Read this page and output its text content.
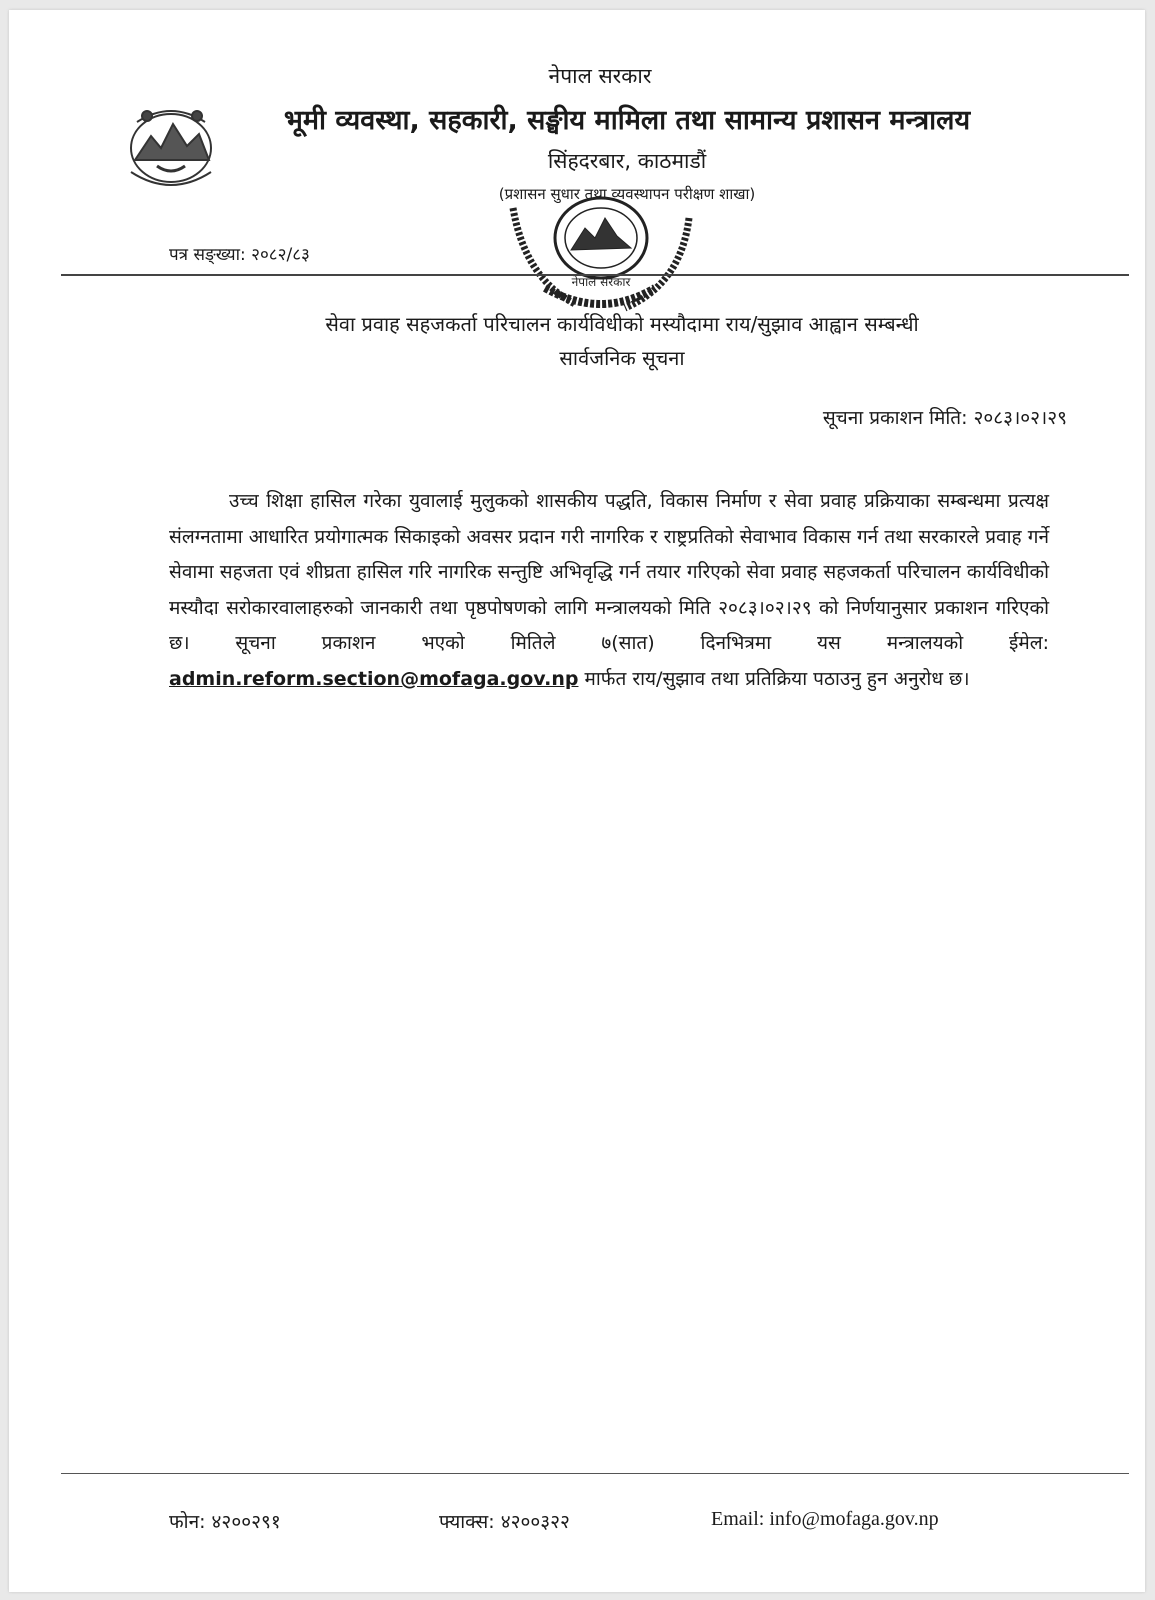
नेपाल सरकार
भूमी व्यवस्था, सहकारी, सङ्घीय मामिला तथा सामान्य प्रशासन मन्त्रालय
सिंहदरबार, काठमाडौं
(प्रशासन सुधार तथा व्यवस्थापन परीक्षण शाखा)
नेपाल सरकार
पत्र सङ्ख्या: २०८२/८३
सेवा प्रवाह सहजकर्ता परिचालन कार्यविधीको मस्यौदामा राय/सुझाव आह्वान सम्बन्धी
सार्वजनिक सूचना
सूचना प्रकाशन मिति: २०८३।०२।२९

उच्च शिक्षा हासिल गरेका युवालाई मुलुकको शासकीय पद्धति, विकास निर्माण र सेवा प्रवाह प्रक्रियाका सम्बन्धमा प्रत्यक्ष संलग्नतामा आधारित प्रयोगात्मक सिकाइको अवसर प्रदान गरी नागरिक र राष्ट्रप्रतिको सेवाभाव विकास गर्न तथा सरकारले प्रवाह गर्ने सेवामा सहजता एवं शीघ्रता हासिल गरि नागरिक सन्तुष्टि अभिवृद्धि गर्न तयार गरिएको सेवा प्रवाह सहजकर्ता परिचालन कार्यविधीको मस्यौदा सरोकारवालाहरुको जानकारी तथा पृष्ठपोषणको लागि मन्त्रालयको मिति २०८३।०२।२९ को निर्णयानुसार प्रकाशन गरिएको छ। सूचना प्रकाशन भएको मितिले ७(सात) दिनभित्रमा यस मन्त्रालयको ईमेल: admin.reform.section@mofaga.gov.np मार्फत राय/सुझाव तथा प्रतिक्रिया पठाउनु हुन अनुरोध छ।

फोन: ४२००२९१	फ्याक्स: ४२००३२२	Email: info@mofaga.gov.np
